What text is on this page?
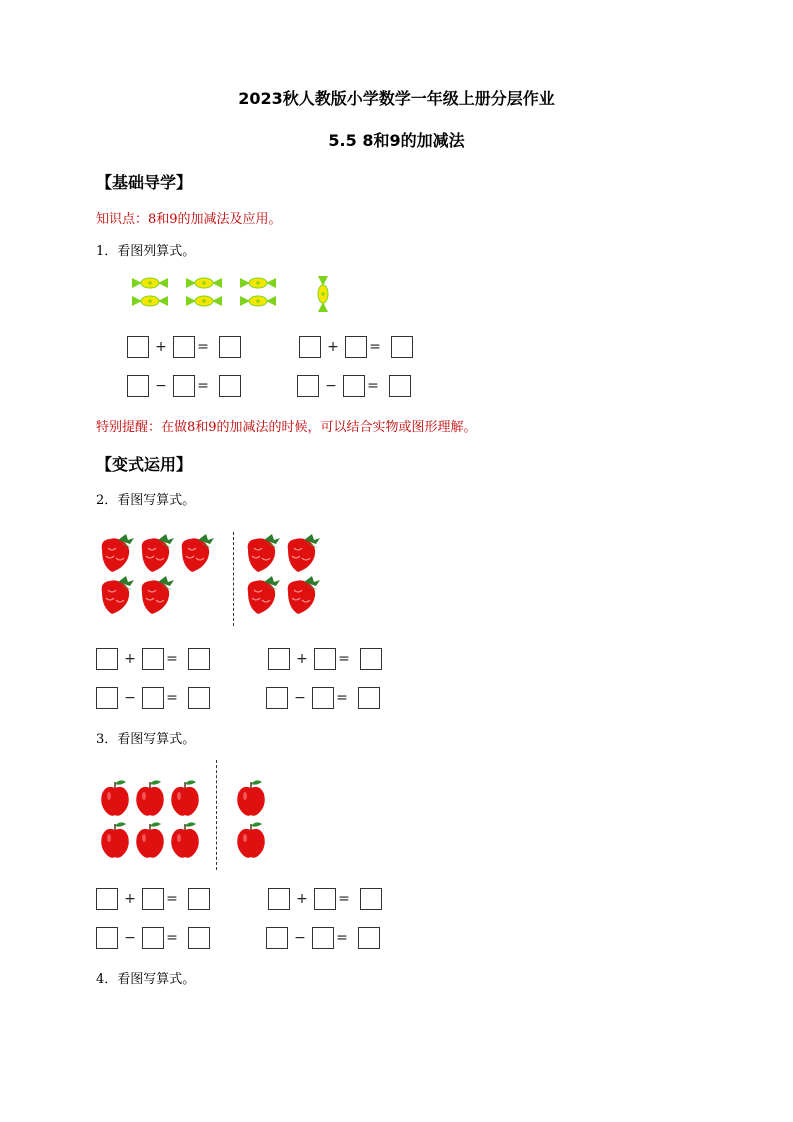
2023秋人教版小学数学一年级上册分层作业
5.5 8和9的加减法
【基础导学】
知识点：8和9的加减法及应用。
1．看图列算式。
+	=	+	=
−	=	−	=
特别提醒：在做8和9的加减法的时候，可以结合实物或图形理解。
【变式运用】
2．看图写算式。
+	=	+	=
−	=	−	=
3．看图写算式。
+	=	+	=
−	=	−	=
4．看图写算式。
